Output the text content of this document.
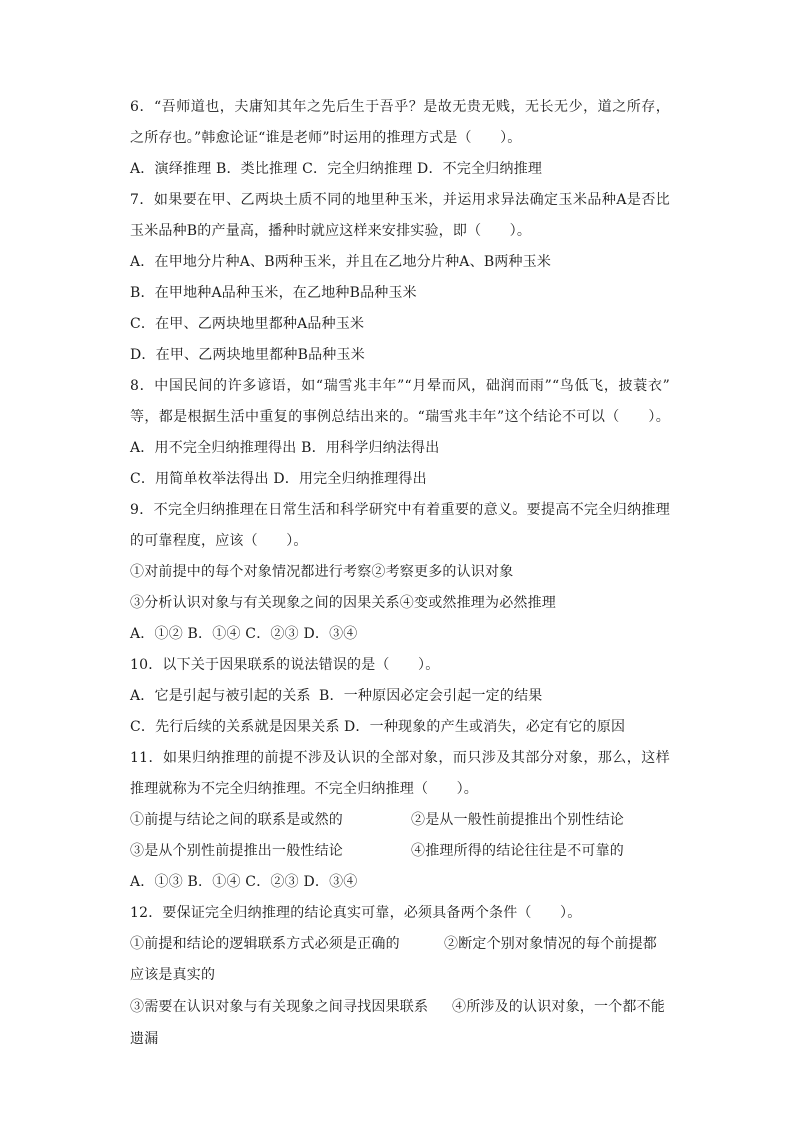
6．“吾师道也，夫庸知其年之先后生于吾乎？是故无贵无贱，无长无少，道之所存，
之所存也。”韩愈论证“谁是老师”时运用的推理方式是（　　）。
A．演绎推理 B．类比推理 C．完全归纳推理 D．不完全归纳推理
7．如果要在甲、乙两块土质不同的地里种玉米，并运用求异法确定玉米品种A是否比
玉米品种B的产量高，播种时就应这样来安排实验，即（　　）。
A．在甲地分片种A、B两种玉米，并且在乙地分片种A、B两种玉米
B．在甲地种A品种玉米，在乙地种B品种玉米
C．在甲、乙两块地里都种A品种玉米
D．在甲、乙两块地里都种B品种玉米
8．中国民间的许多谚语，如“瑞雪兆丰年”“月晕而风，础润而雨”“鸟低飞，披蓑衣”
等，都是根据生活中重复的事例总结出来的。“瑞雪兆丰年”这个结论不可以（　　）。
A．用不完全归纳推理得出 B．用科学归纳法得出
C．用简单枚举法得出 D．用完全归纳推理得出
9．不完全归纳推理在日常生活和科学研究中有着重要的意义。要提高不完全归纳推理
的可靠程度，应该（　　）。
①对前提中的每个对象情况都进行考察②考察更多的认识对象
③分析认识对象与有关现象之间的因果关系④变或然推理为必然推理
A．①② B．①④ C．②③ D．③④
10．以下关于因果联系的说法错误的是（　　）。
A．它是引起与被引起的关系 B．一种原因必定会引起一定的结果
C．先行后续的关系就是因果关系 D．一种现象的产生或消失，必定有它的原因
11．如果归纳推理的前提不涉及认识的全部对象，而只涉及其部分对象，那么，这样
推理就称为不完全归纳推理。不完全归纳推理（　　）。
①前提与结论之间的联系是或然的	②是从一般性前提推出个别性结论
③是从个别性前提推出一般性结论	④推理所得的结论往往是不可靠的
A．①③ B．①④ C．②③ D．③④
12．要保证完全归纳推理的结论真实可靠，必须具备两个条件（　　）。
①前提和结论的逻辑联系方式必须是正确的	②断定个别对象情况的每个前提都
应该是真实的
③需要在认识对象与有关现象之间寻找因果联系 ④所涉及的认识对象，一个都不能
遗漏
